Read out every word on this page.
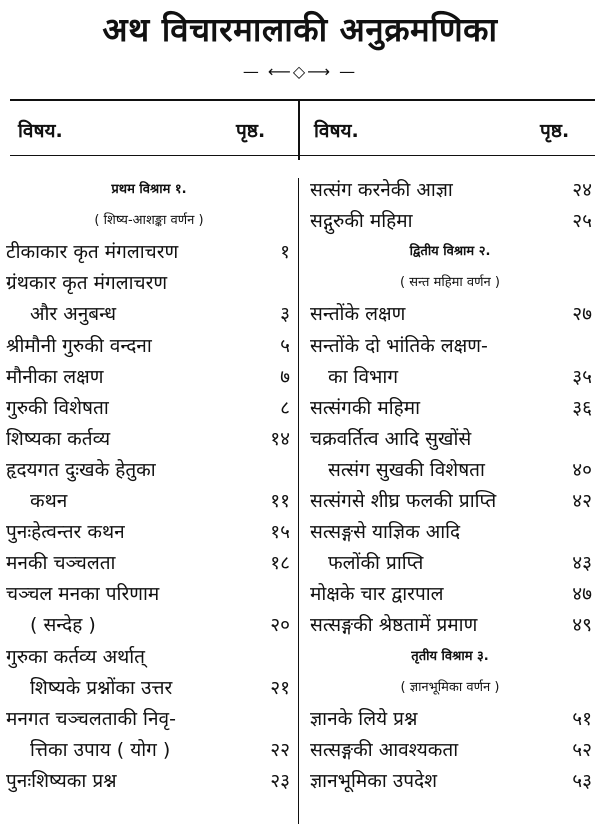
अथ विचारमालाकी अनुक्रमणिका
— ⟵◇⟶ —
विषय.	पृष्ठ.	विषय.	पृष्ठ.
प्रथम विश्राम १.
( शिष्य-आशङ्का वर्णन )
टीकाकार कृत मंगलाचरण	१
ग्रंथकार कृत मंगलाचरण
और अनुबन्ध	३
श्रीमौनी गुरुकी वन्दना	५
मौनीका लक्षण	७
गुरुकी विशेषता	८
शिष्यका कर्तव्य	१४
हृदयगत दुःखके हेतुका
कथन	११
पुनःहेत्वन्तर कथन	१५
मनकी चञ्चलता	१८
चञ्चल मनका परिणाम
( सन्देह )	२०
गुरुका कर्तव्य अर्थात्
शिष्यके प्रश्नोंका उत्तर	२१
मनगत चञ्चलताकी निवृ-
त्तिका उपाय ( योग )	२२
पुनःशिष्यका प्रश्न	२३
सत्संग करनेकी आज्ञा	२४
सद्गुरुकी महिमा	२५
द्वितीय विश्राम २.
( सन्त महिमा वर्णन )
सन्तोंके लक्षण	२७
सन्तोंके दो भांतिके लक्षण-
का विभाग	३५
सत्संगकी महिमा	३६
चक्रवर्तित्व आदि सुखोंसे
सत्संग सुखकी विशेषता	४०
सत्संगसे शीघ्र फलकी प्राप्ति	४२
सत्सङ्गसे याज्ञिक आदि
फलोंकी प्राप्ति	४३
मोक्षके चार द्वारपाल	४७
सत्सङ्गकी श्रेष्ठतामें प्रमाण	४९
तृतीय विश्राम ३.
( ज्ञानभूमिका वर्णन )
ज्ञानके लिये प्रश्न	५१
सत्सङ्गकी आवश्यकता	५२
ज्ञानभूमिका उपदेश	५३
